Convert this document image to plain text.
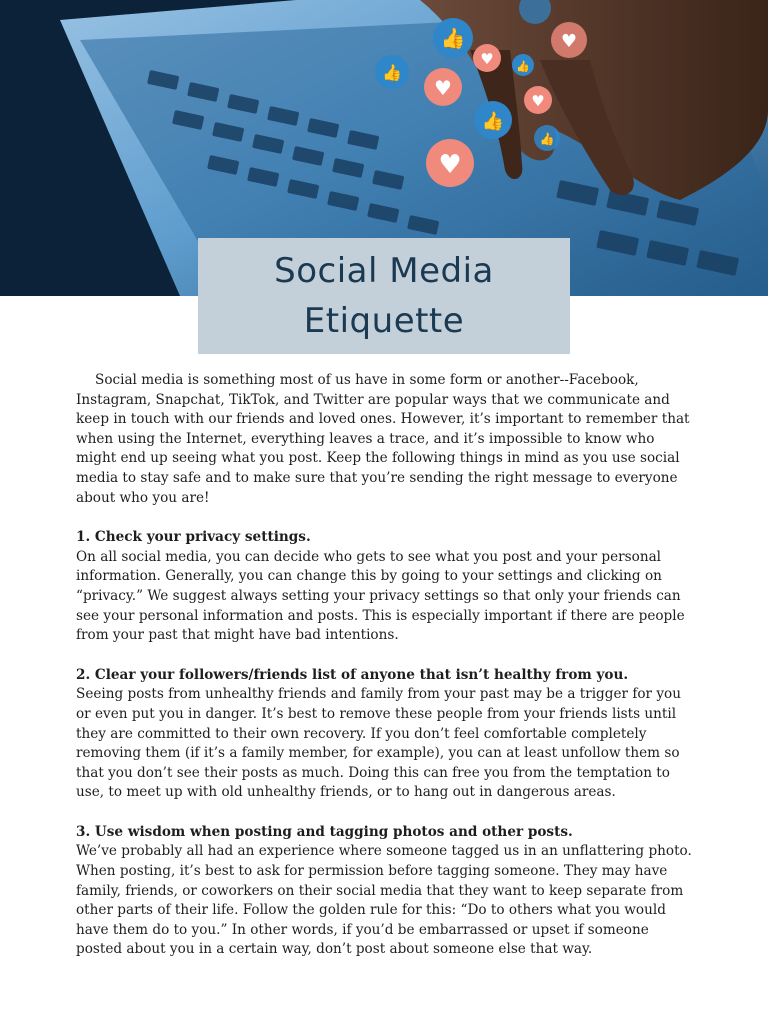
👍
👍
♥
♥ 👍
♥
♥
👍
👍
♥
Social Media
Etiquette

Social media is something most of us have in some form or another--Facebook, Instagram, Snapchat, TikTok, and Twitter are popular ways that we communicate and keep in touch with our friends and loved ones. However, it’s important to remember that when using the Internet, everything leaves a trace, and it’s impossible to know who might end up seeing what you post. Keep the following things in mind as you use social media to stay safe and to make sure that you’re sending the right message to everyone about who you are!

1. Check your privacy settings.

On all social media, you can decide who gets to see what you post and your personal information. Generally, you can change this by going to your settings and clicking on “privacy.” We suggest always setting your privacy settings so that only your friends can see your personal information and posts. This is especially important if there are people from your past that might have bad intentions.

2. Clear your followers/friends list of anyone that isn’t healthy from you.

Seeing posts from unhealthy friends and family from your past may be a trigger for you or even put you in danger. It’s best to remove these people from your friends lists until they are committed to their own recovery. If you don’t feel comfortable completely removing them (if it’s a family member, for example), you can at least unfollow them so that you don’t see their posts as much. Doing this can free you from the temptation to use, to meet up with old unhealthy friends, or to hang out in dangerous areas.

3. Use wisdom when posting and tagging photos and other posts.

We’ve probably all had an experience where someone tagged us in an unflattering photo. When posting, it’s best to ask for permission before tagging someone. They may have family, friends, or coworkers on their social media that they want to keep separate from other parts of their life. Follow the golden rule for this: “Do to others what you would have them do to you.” In other words, if you’d be embarrassed or upset if someone posted about you in a certain way, don’t post about someone else that way.
